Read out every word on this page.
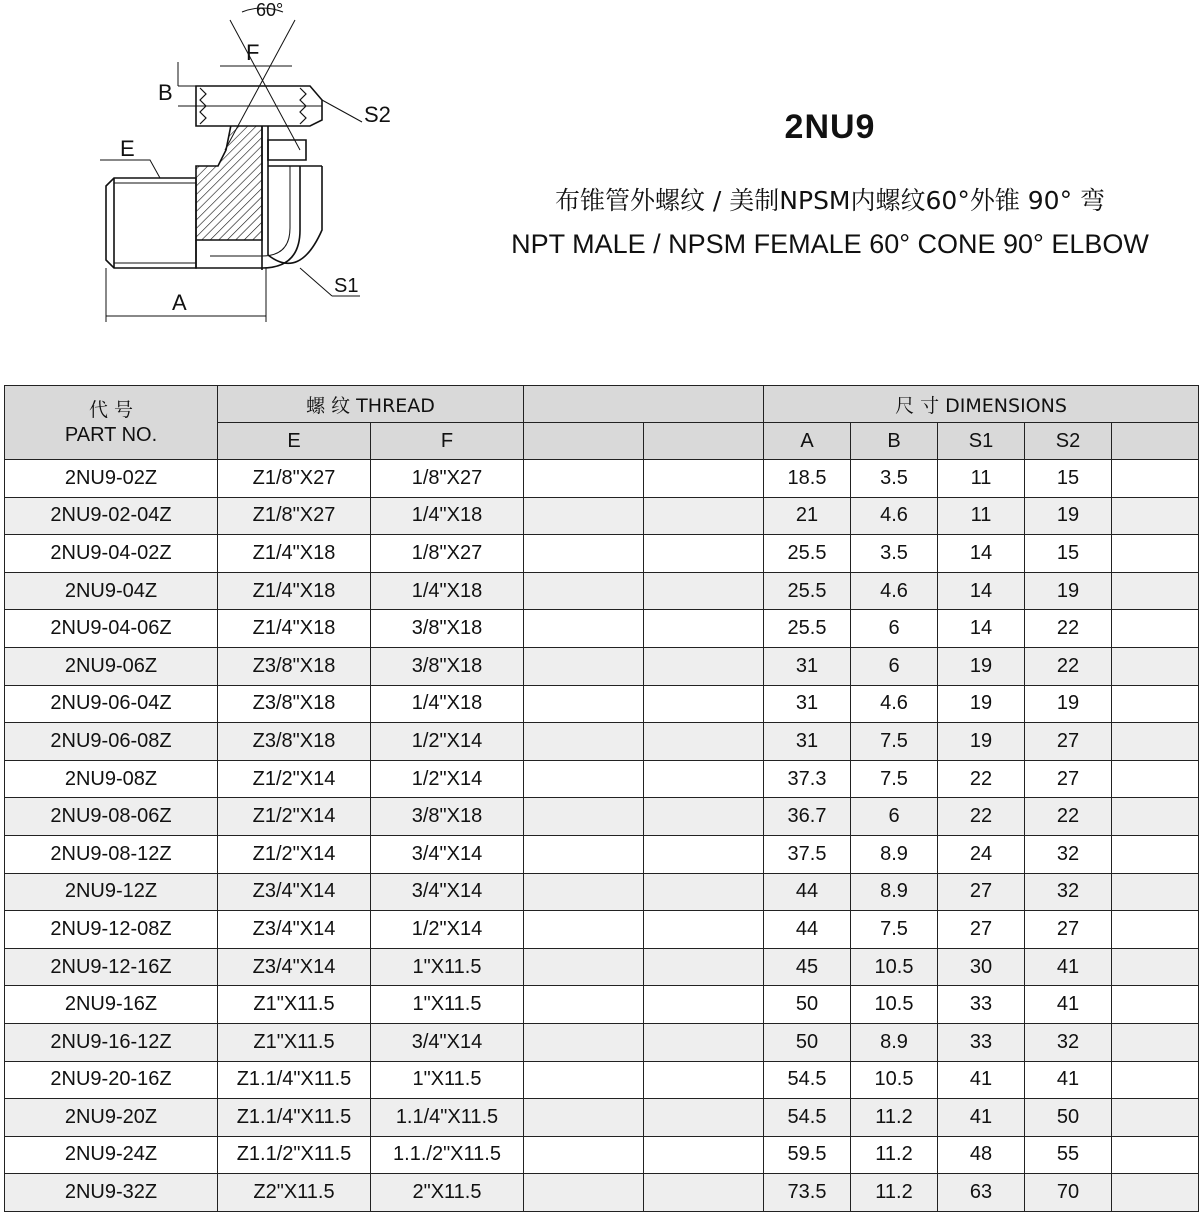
60°
F
B
E
S2
S1
A
2NU9
布锥管外螺纹 / 美制NPSM内螺纹60°外锥 90° 弯
NPT MALE / NPSM FEMALE 60° CONE 90° ELBOW
代 号
PART NO.	螺 纹 THREAD				尺 寸 DIMENSIONS				
	E	F			A	B	S1	S2	
2NU9-02Z	Z1/8"X27	1/8"X27			18.5	3.5	11	15	
2NU9-02-04Z	Z1/8"X27	1/4"X18			21	4.6	11	19	
2NU9-04-02Z	Z1/4"X18	1/8"X27			25.5	3.5	14	15	
2NU9-04Z	Z1/4"X18	1/4"X18			25.5	4.6	14	19	
2NU9-04-06Z	Z1/4"X18	3/8"X18			25.5	6	14	22	
2NU9-06Z	Z3/8"X18	3/8"X18			31	6	19	22	
2NU9-06-04Z	Z3/8"X18	1/4"X18			31	4.6	19	19	
2NU9-06-08Z	Z3/8"X18	1/2"X14			31	7.5	19	27	
2NU9-08Z	Z1/2"X14	1/2"X14			37.3	7.5	22	27	
2NU9-08-06Z	Z1/2"X14	3/8"X18			36.7	6	22	22	
2NU9-08-12Z	Z1/2"X14	3/4"X14			37.5	8.9	24	32	
2NU9-12Z	Z3/4"X14	3/4"X14			44	8.9	27	32	
2NU9-12-08Z	Z3/4"X14	1/2"X14			44	7.5	27	27	
2NU9-12-16Z	Z3/4"X14	1"X11.5			45	10.5	30	41	
2NU9-16Z	Z1"X11.5	1"X11.5			50	10.5	33	41	
2NU9-16-12Z	Z1"X11.5	3/4"X14			50	8.9	33	32	
2NU9-20-16Z	Z1.1/4"X11.5	1"X11.5			54.5	10.5	41	41	
2NU9-20Z	Z1.1/4"X11.5	1.1/4"X11.5			54.5	11.2	41	50	
2NU9-24Z	Z1.1/2"X11.5	1.1./2"X11.5			59.5	11.2	48	55	
2NU9-32Z	Z2"X11.5	2"X11.5			73.5	11.2	63	70	
